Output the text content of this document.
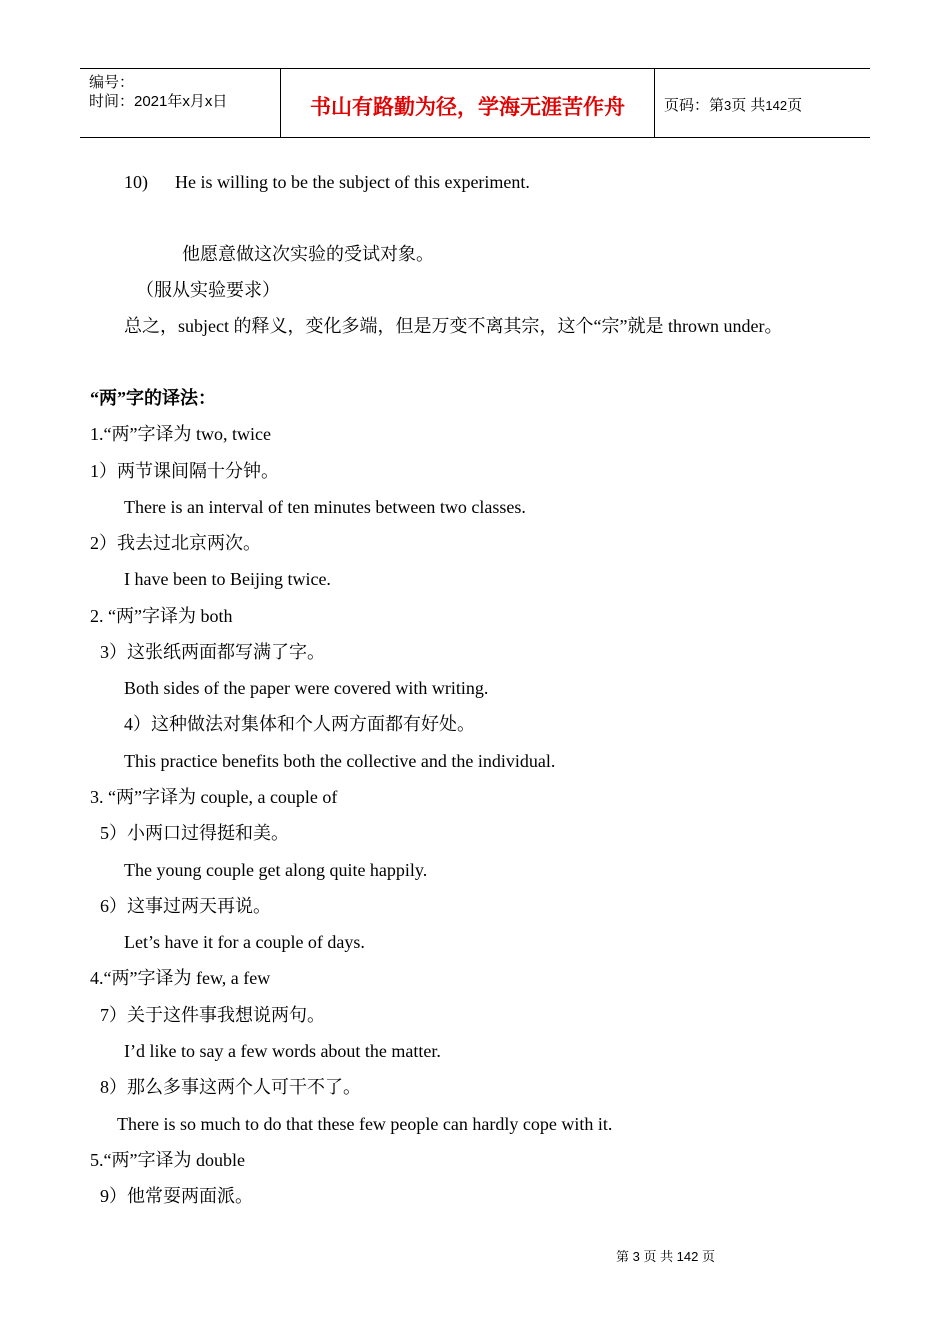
编号：
时间：2021年x月x日	书山有路勤为径，学海无涯苦作舟	页码：第3页 共142页
10)      He is willing to be the subject of this experiment.
他愿意做这次实验的受试对象。
（服从实验要求）
总之，subject 的释义，变化多端，但是万变不离其宗，这个“宗”就是 thrown under。
“两”字的译法：
1.“两”字译为 two, twice
1）两节课间隔十分钟。
There is an interval of ten minutes between two classes.
2）我去过北京两次。
I have been to Beijing twice.
2. “两”字译为 both
3）这张纸两面都写满了字。
Both sides of the paper were covered with writing.
4）这种做法对集体和个人两方面都有好处。
This practice benefits both the collective and the individual.
3. “两”字译为 couple, a couple of
5）小两口过得挺和美。
The young couple get along quite happily.
6）这事过两天再说。
Let’s have it for a couple of days.
4.“两”字译为 few, a few
7）关于这件事我想说两句。
I’d like to say a few words about the matter.
8）那么多事这两个人可干不了。
There is so much to do that these few people can hardly cope with it.
5.“两”字译为 double
9）他常耍两面派。
第 3 页 共 142 页
